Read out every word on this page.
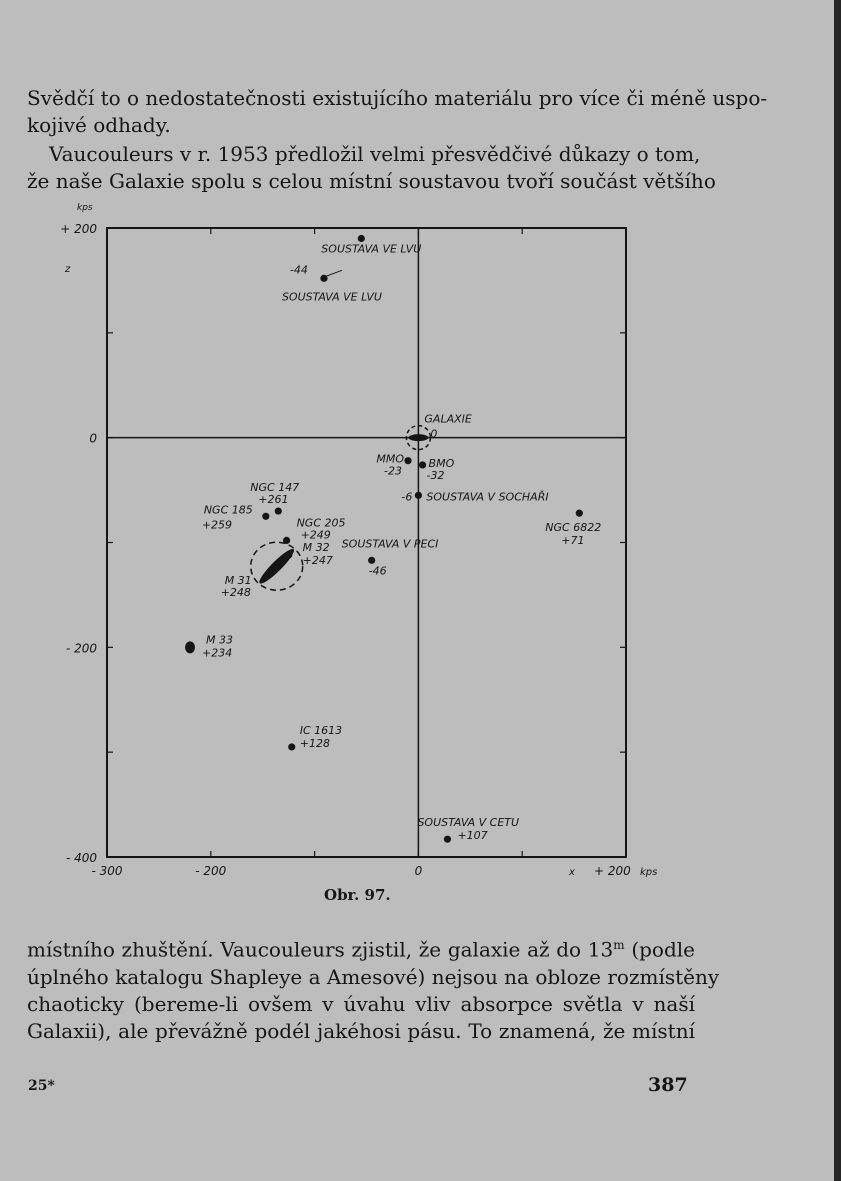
Svědčí to o nedostatečnosti existujícího materiálu pro více či méně uspo-
kojivé odhady.

Vaucouleurs v r. 1953 předložil velmi přesvědčivé důkazy o tom,
že naše Galaxie spolu s celou místní soustavou tvoří součást většího

- 300	- 200	0	+ 200
+ 200
0
- 200
- 400
kps
kps
x
z
SOUSTAVA VE LVU
SOUSTAVA VE LVU
-44
GALAXIE
0
MMO
-23
BMO
-32
SOUSTAVA V SOCHAŘI
-6
NGC 6822
+71
NGC 147
+261
NGC 185
+259	NGC 205
+249
M 31
+248
M 32
+247
SOUSTAVA V PECI
-46
M 33
+234
IC 1613
+128
SOUSTAVA V CETU
+107
Obr. 97.

místního zhuštění. Vaucouleurs zjistil, že galaxie až do 13$^m$ (podle
úplného katalogu Shapleye a Amesové) nejsou na obloze rozmístěny
chaoticky (bereme-li ovšem v úvahu vliv absorpce světla v naší
Galaxii), ale převážně podél jakéhosi pásu. To znamená, že místní

25*	387
